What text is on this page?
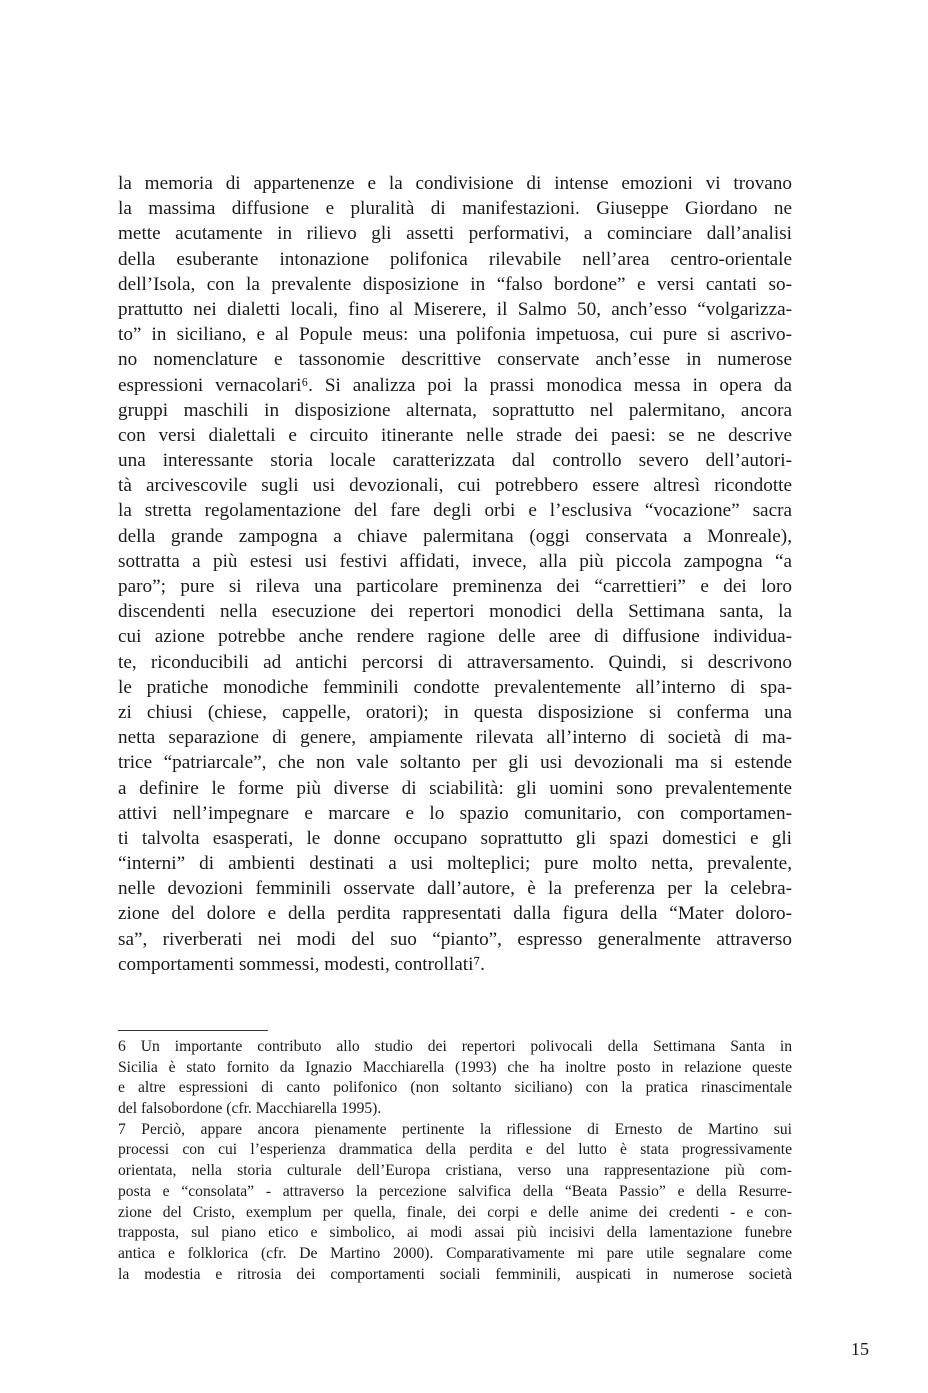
la memoria di appartenenze e la condivisione di intense emozioni vi trovano
la massima diffusione e pluralità di manifestazioni. Giuseppe Giordano ne
mette acutamente in rilievo gli assetti performativi, a cominciare dall’analisi
della esuberante intonazione polifonica rilevabile nell’area centro-orientale
dell’Isola, con la prevalente disposizione in “falso bordone” e versi cantati so-
prattutto nei dialetti locali, fino al Miserere, il Salmo 50, anch’esso “volgarizza-
to” in siciliano, e al Popule meus: una polifonia impetuosa, cui pure si ascrivo-
no nomenclature e tassonomie descrittive conservate anch’esse in numerose
espressioni vernacolari⁶. Si analizza poi la prassi monodica messa in opera da
gruppi maschili in disposizione alternata, soprattutto nel palermitano, ancora
con versi dialettali e circuito itinerante nelle strade dei paesi: se ne descrive
una interessante storia locale caratterizzata dal controllo severo dell’autori-
tà arcivescovile sugli usi devozionali, cui potrebbero essere altresì ricondotte
la stretta regolamentazione del fare degli orbi e l’esclusiva “vocazione” sacra
della grande zampogna a chiave palermitana (oggi conservata a Monreale),
sottratta a più estesi usi festivi affidati, invece, alla più piccola zampogna “a
paro”; pure si rileva una particolare preminenza dei “carrettieri” e dei loro
discendenti nella esecuzione dei repertori monodici della Settimana santa, la
cui azione potrebbe anche rendere ragione delle aree di diffusione individua-
te, riconducibili ad antichi percorsi di attraversamento. Quindi, si descrivono
le pratiche monodiche femminili condotte prevalentemente all’interno di spa-
zi chiusi (chiese, cappelle, oratori); in questa disposizione si conferma una
netta separazione di genere, ampiamente rilevata all’interno di società di ma-
trice “patriarcale”, che non vale soltanto per gli usi devozionali ma si estende
a definire le forme più diverse di sciabilità: gli uomini sono prevalentemente
attivi nell’impegnare e marcare e lo spazio comunitario, con comportamen-
ti talvolta esasperati, le donne occupano soprattutto gli spazi domestici e gli
“interni” di ambienti destinati a usi molteplici; pure molto netta, prevalente,
nelle devozioni femminili osservate dall’autore, è la preferenza per la celebra-
zione del dolore e della perdita rappresentati dalla figura della “Mater doloro-
sa”, riverberati nei modi del suo “pianto”, espresso generalmente attraverso
comportamenti sommessi, modesti, controllati⁷.
6 Un importante contributo allo studio dei repertori polivocali della Settimana Santa in
Sicilia è stato fornito da Ignazio Macchiarella (1993) che ha inoltre posto in relazione queste
e altre espressioni di canto polifonico (non soltanto siciliano) con la pratica rinascimentale
del falsobordone (cfr. Macchiarella 1995).
7 Perciò, appare ancora pienamente pertinente la riflessione di Ernesto de Martino sui
processi con cui l’esperienza drammatica della perdita e del lutto è stata progressivamente
orientata, nella storia culturale dell’Europa cristiana, verso una rappresentazione più com-
posta e “consolata” - attraverso la percezione salvifica della “Beata Passio” e della Resurre-
zione del Cristo, exemplum per quella, finale, dei corpi e delle anime dei credenti - e con-
trapposta, sul piano etico e simbolico, ai modi assai più incisivi della lamentazione funebre
antica e folklorica (cfr. De Martino 2000). Comparativamente mi pare utile segnalare come
la modestia e ritrosia dei comportamenti sociali femminili, auspicati in numerose società
15
